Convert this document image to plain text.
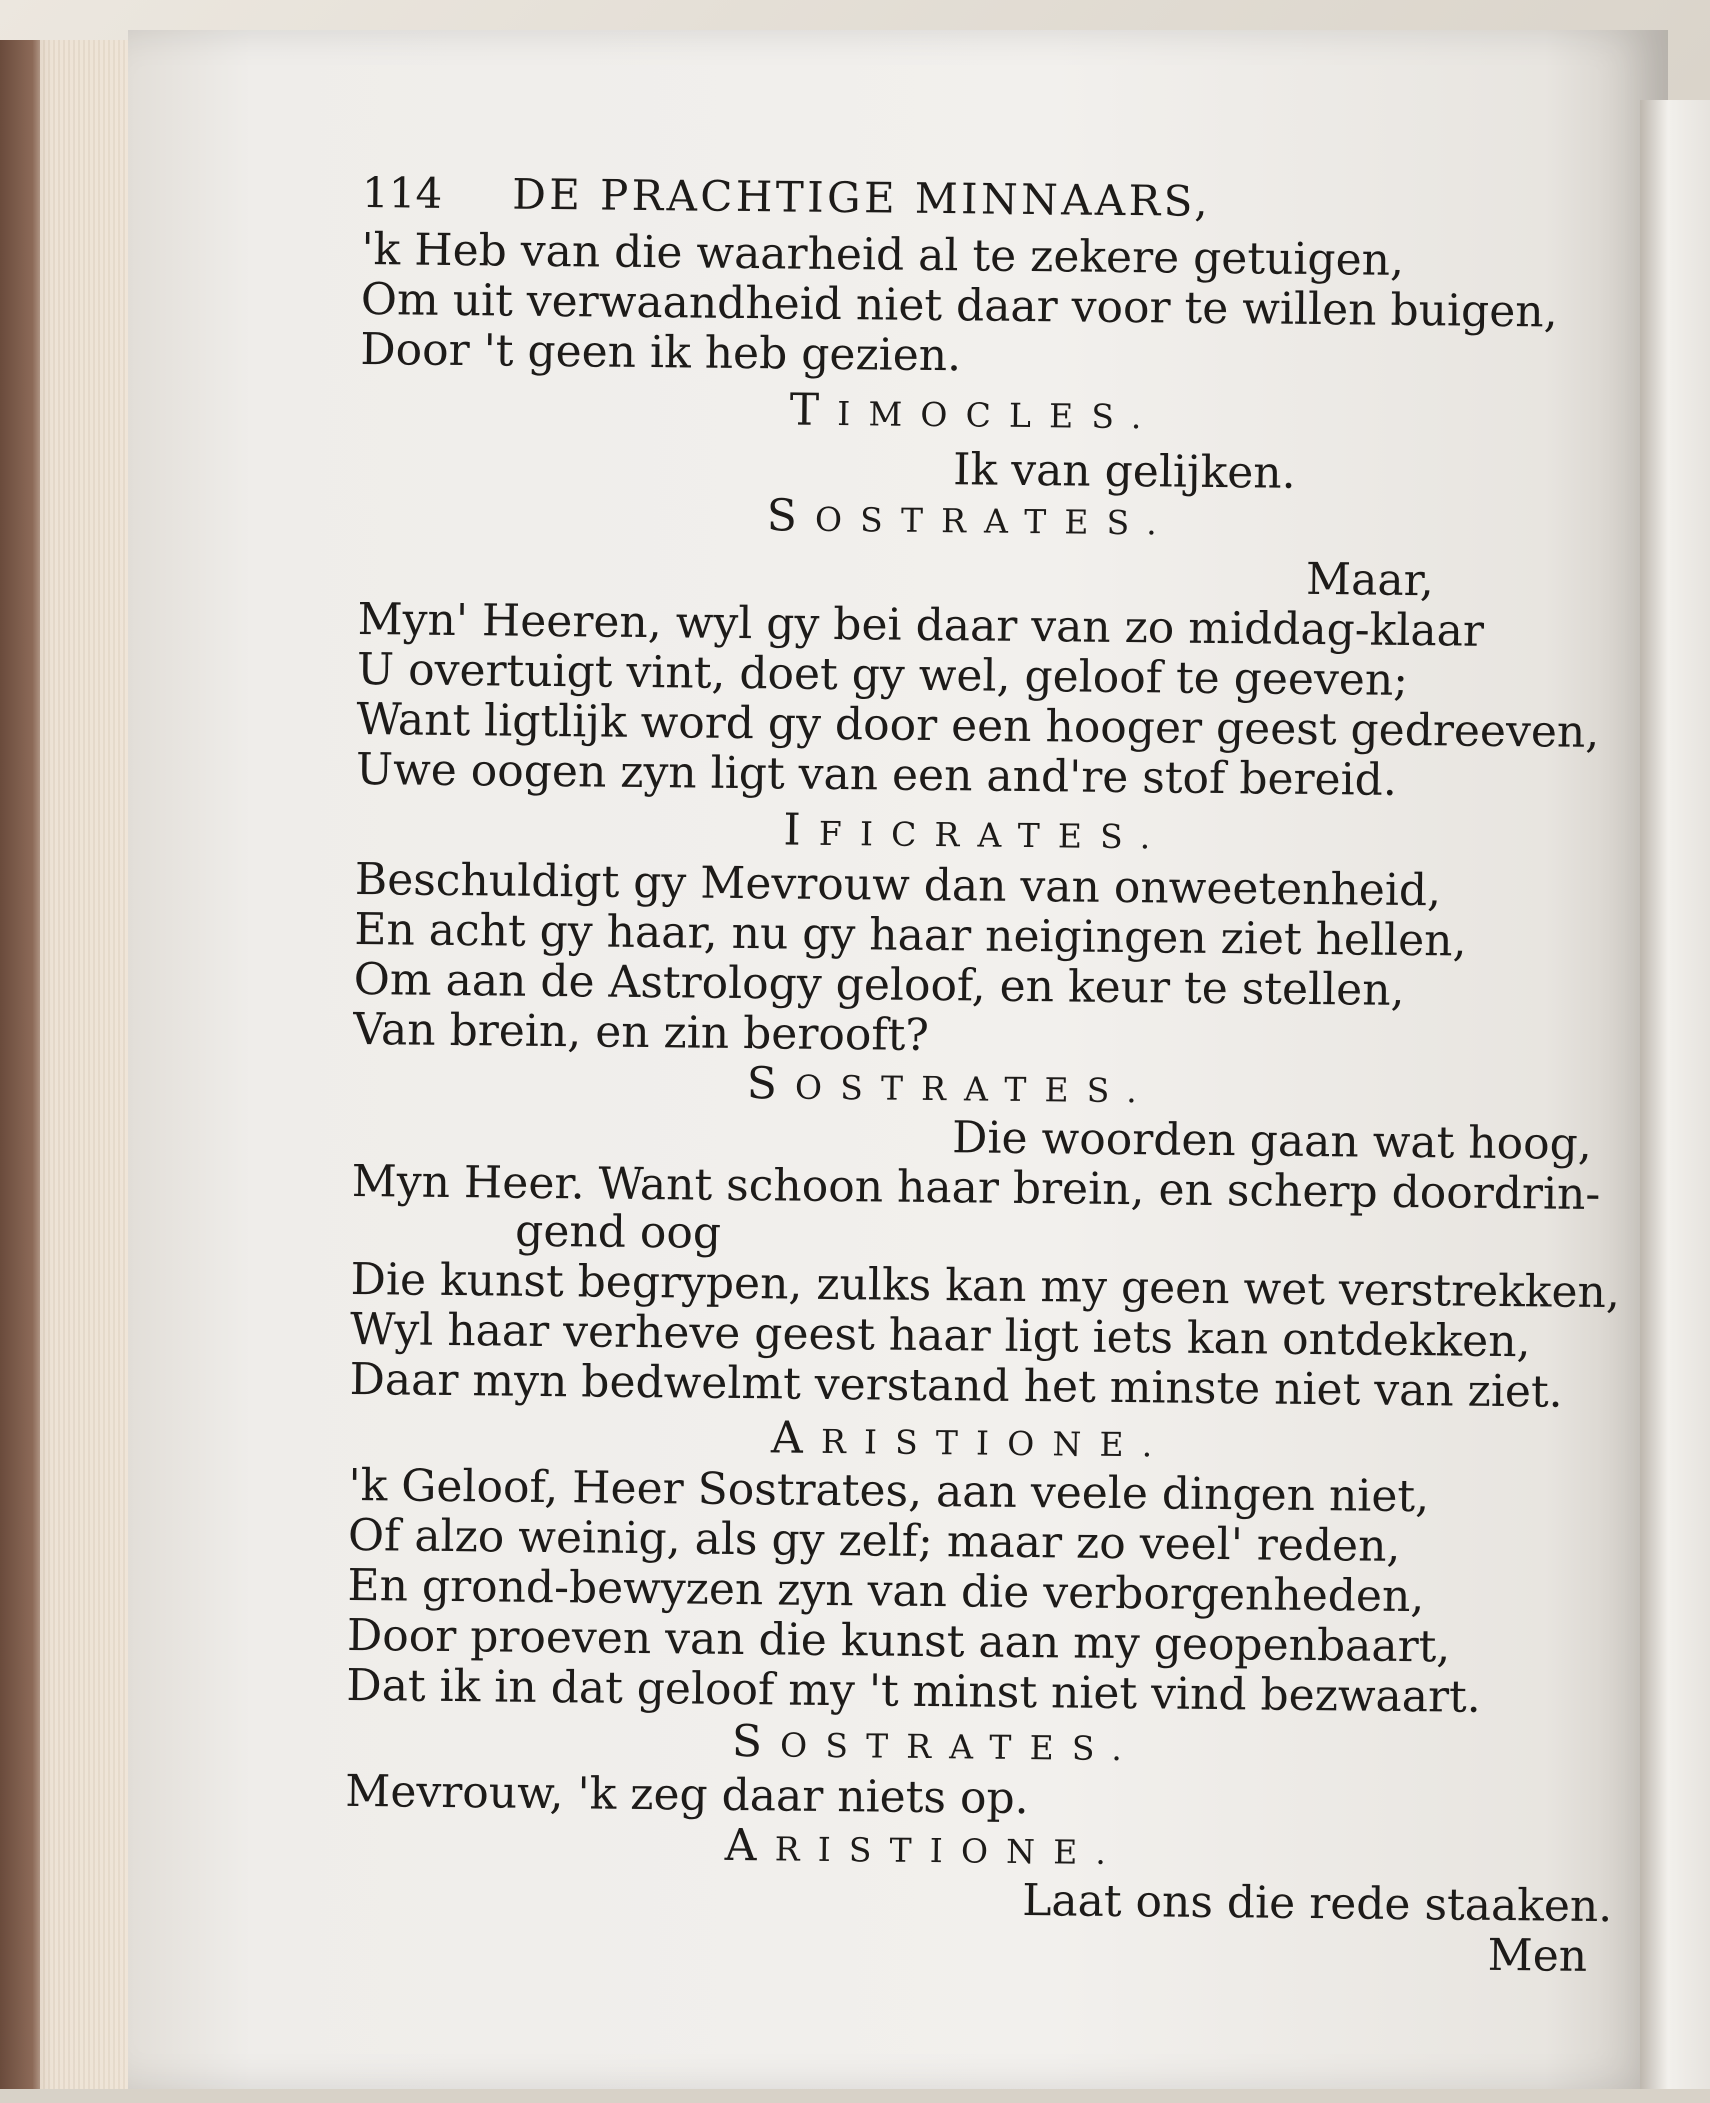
114 DE PRACHTIGE MINNAARS,
'k Heb van die waarheid al te zekere getuigen,
Om uit verwaandheid niet daar voor te willen buigen,
Door 't geen ik heb gezien.
TIMOCLES.
Ik van gelijken.
SOSTRATES.
Maar,
Myn' Heeren, wyl gy bei daar van zo middag-klaar
U overtuigt vint, doet gy wel, geloof te geeven;
Want ligtlijk word gy door een hooger geest gedreeven,
Uwe oogen zyn ligt van een and're stof bereid.
IFICRATES.
Beschuldigt gy Mevrouw dan van onweetenheid,
En acht gy haar, nu gy haar neigingen ziet hellen,
Om aan de Astrology geloof, en keur te stellen,
Van brein, en zin berooft?
SOSTRATES.
Die woorden gaan wat hoog,
Myn Heer. Want schoon haar brein, en scherp doordrin-
gend oog
Die kunst begrypen, zulks kan my geen wet verstrekken,
Wyl haar verheve geest haar ligt iets kan ontdekken,
Daar myn bedwelmt verstand het minste niet van ziet.
ARISTIONE.
'k Geloof, Heer Sostrates, aan veele dingen niet,
Of alzo weinig, als gy zelf; maar zo veel' reden,
En grond-bewyzen zyn van die verborgenheden,
Door proeven van die kunst aan my geopenbaart,
Dat ik in dat geloof my 't minst niet vind bezwaart.
SOSTRATES.
Mevrouw, 'k zeg daar niets op.
ARISTIONE.
Laat ons die rede staaken.
Men
